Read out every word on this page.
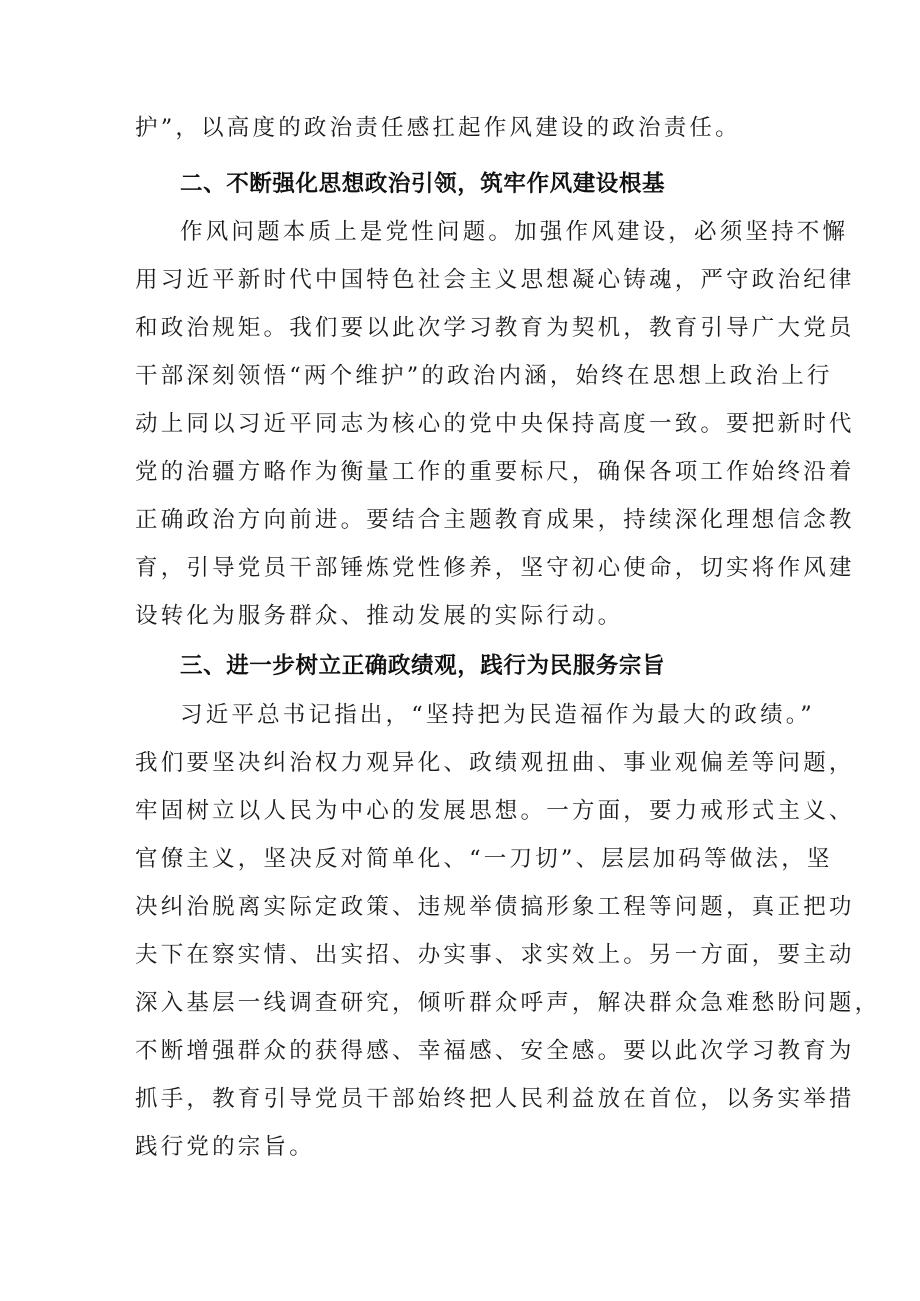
护”，以高度的政治责任感扛起作风建设的政治责任。
二、不断强化思想政治引领，筑牢作风建设根基
作风问题本质上是党性问题。加强作风建设，必须坚持不懈
用习近平新时代中国特色社会主义思想凝心铸魂，严守政治纪律
和政治规矩。我们要以此次学习教育为契机，教育引导广大党员
干部深刻领悟“两个维护”的政治内涵，始终在思想上政治上行
动上同以习近平同志为核心的党中央保持高度一致。要把新时代
党的治疆方略作为衡量工作的重要标尺，确保各项工作始终沿着
正确政治方向前进。要结合主题教育成果，持续深化理想信念教
育，引导党员干部锤炼党性修养，坚守初心使命，切实将作风建
设转化为服务群众、推动发展的实际行动。
三、进一步树立正确政绩观，践行为民服务宗旨
习近平总书记指出，“坚持把为民造福作为最大的政绩。”
我们要坚决纠治权力观异化、政绩观扭曲、事业观偏差等问题，
牢固树立以人民为中心的发展思想。一方面，要力戒形式主义、
官僚主义，坚决反对简单化、“一刀切”、层层加码等做法，坚
决纠治脱离实际定政策、违规举债搞形象工程等问题，真正把功
夫下在察实情、出实招、办实事、求实效上。另一方面，要主动
深入基层一线调查研究，倾听群众呼声，解决群众急难愁盼问题，
不断增强群众的获得感、幸福感、安全感。要以此次学习教育为
抓手，教育引导党员干部始终把人民利益放在首位，以务实举措
践行党的宗旨。
